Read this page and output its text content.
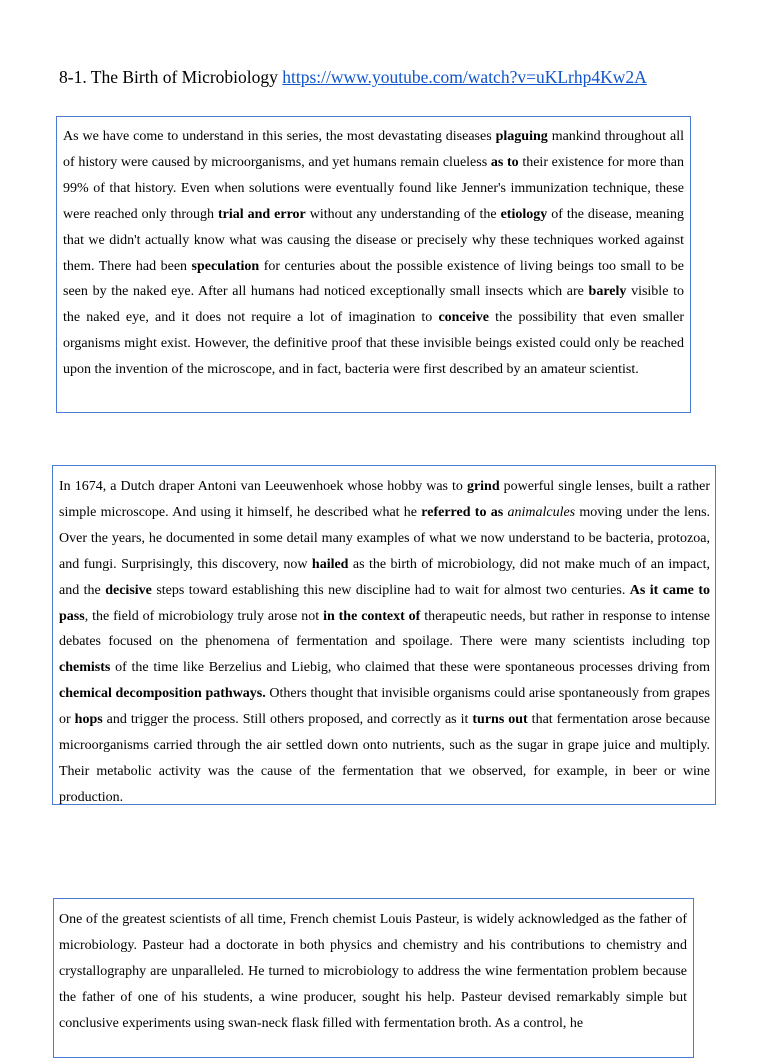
8-1. The Birth of Microbiology https://www.youtube.com/watch?v=uKLrhp4Kw2A

As we have come to understand in this series, the most devastating diseases plaguing mankind throughout all of history were caused by microorganisms, and yet humans remain clueless as to their existence for more than 99% of that history. Even when solutions were eventually found like Jenner's immunization technique, these were reached only through trial and error without any understanding of the etiology of the disease, meaning that we didn't actually know what was causing the disease or precisely why these techniques worked against them. There had been speculation for centuries about the possible existence of living beings too small to be seen by the naked eye. After all humans had noticed exceptionally small insects which are barely visible to the naked eye, and it does not require a lot of imagination to conceive the possibility that even smaller organisms might exist. However, the definitive proof that these invisible beings existed could only be reached upon the invention of the microscope, and in fact, bacteria were first described by an amateur scientist.

In 1674, a Dutch draper Antoni van Leeuwenhoek whose hobby was to grind powerful single lenses, built a rather simple microscope. And using it himself, he described what he referred to as animalcules moving under the lens. Over the years, he documented in some detail many examples of what we now understand to be bacteria, protozoa, and fungi. Surprisingly, this discovery, now hailed as the birth of microbiology, did not make much of an impact, and the decisive steps toward establishing this new discipline had to wait for almost two centuries. As it came to pass, the field of microbiology truly arose not in the context of therapeutic needs, but rather in response to intense debates focused on the phenomena of fermentation and spoilage. There were many scientists including top chemists of the time like Berzelius and Liebig, who claimed that these were spontaneous processes driving from chemical decomposition pathways. Others thought that invisible organisms could arise spontaneously from grapes or hops and trigger the process. Still others proposed, and correctly as it turns out that fermentation arose because microorganisms carried through the air settled down onto nutrients, such as the sugar in grape juice and multiply. Their metabolic activity was the cause of the fermentation that we observed, for example, in beer or wine production.

One of the greatest scientists of all time, French chemist Louis Pasteur, is widely acknowledged as the father of microbiology. Pasteur had a doctorate in both physics and chemistry and his contributions to chemistry and crystallography are unparalleled. He turned to microbiology to address the wine fermentation problem because the father of one of his students, a wine producer, sought his help. Pasteur devised remarkably simple but conclusive experiments using swan-neck flask filled with fermentation broth. As a control, he
